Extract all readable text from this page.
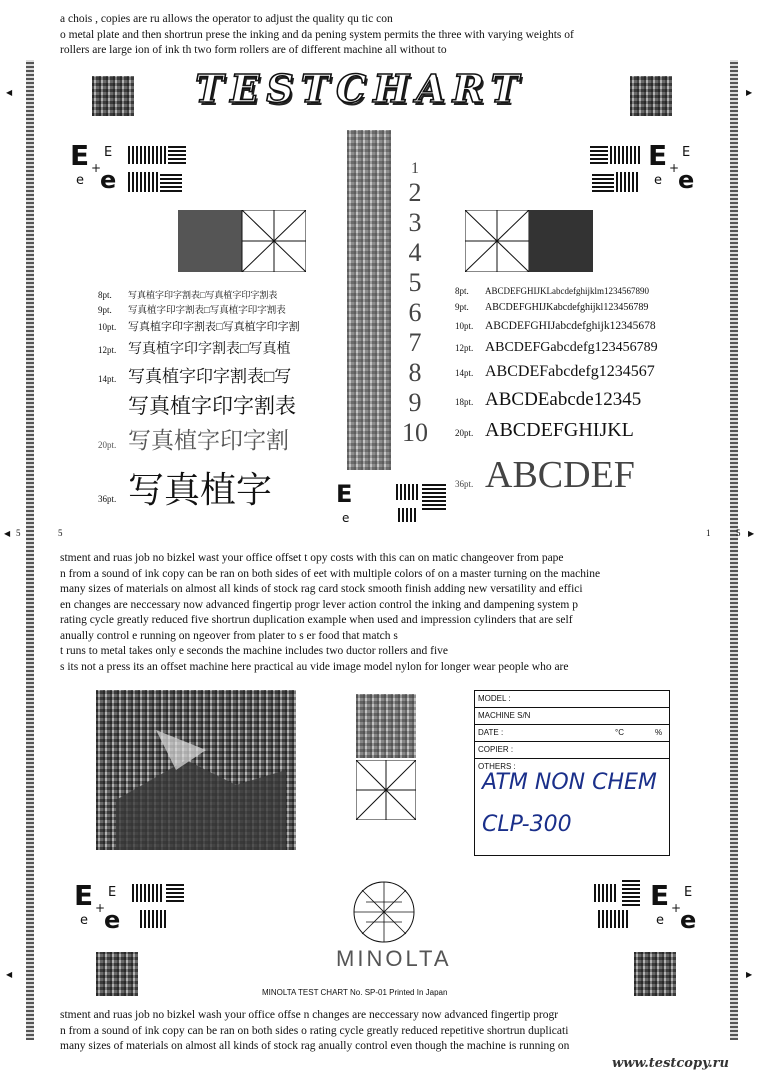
◀	▶
◀	▶
a chois , copies are ru allows the operator to adjust the quality qu tic con
o metal plate and then shortrun prese the inking and da pening system permits the three with varying weights of
rollers are large ion of ink th two form rollers are of different machine all without to
TESTCHART
E E
+
e e
E E
+
e e
8pt. 写真植字印字割表□写真植字印字割表
9pt. 写真植字印字割表□写真植字印字割表
10pt. 写真植字印字割表□写真植字印字割
12pt. 写真植字印字割表□写真植
14pt. 写真植字印字割表□写
写真植字印字割表
20pt. 写真植字印字割
36pt. 写真植字
1
2
3
4
5
6
7
8
9
10
8pt. ABCDEFGHIJKLabcdefghijklm1234567890
9pt. ABCDEFGHIJKabcdefghijkl123456789
10pt. ABCDEFGHIJabcdefghijk12345678
12pt. ABCDEFGabcdefg123456789
14pt. ABCDEFabcdefg1234567
18pt. ABCDEabcde12345
20pt. ABCDEFGHIJKL
36pt. ABCDEF
E
e
◀ 5	5	1	5 ▶
stment and ruas job no bizkel wast your office offset t opy costs with this can on matic changeover from pape
n from a sound of ink copy can be ran on both sides of eet with multiple colors of on a master turning on the machine
many sizes of materials on almost all kinds of stock rag card stock smooth finish adding new versatility and effici
en changes are neccessary now advanced fingertip progr lever action control the inking and dampening system p
rating cycle greatly reduced five shortrun duplication example when used and impression cylinders that are self
anually control e running on ngeover from plater to s er food that match s
t runs to metal takes only e seconds the machine includes two ductor rollers and five
s its not a press its an offset machine here practical au vide image model nylon for longer wear people who are
MODEL :
MACHINE S/N
DATE :	°C	%
COPIER :
OTHERS :
ATM NON CHEM
CLP-300
E E
+
e e
E E
+
e e
MINOLTA
MINOLTA TEST CHART No. SP-01 Printed In Japan
stment and ruas job no bizkel wash your office offse n changes are neccessary now advanced fingertip progr
n from a sound of ink copy can be ran on both sides o rating cycle greatly reduced repetitive shortrun duplicati
many sizes of materials on almost all kinds of stock rag anually control even though the machine is running on
www.testcopy.ru
